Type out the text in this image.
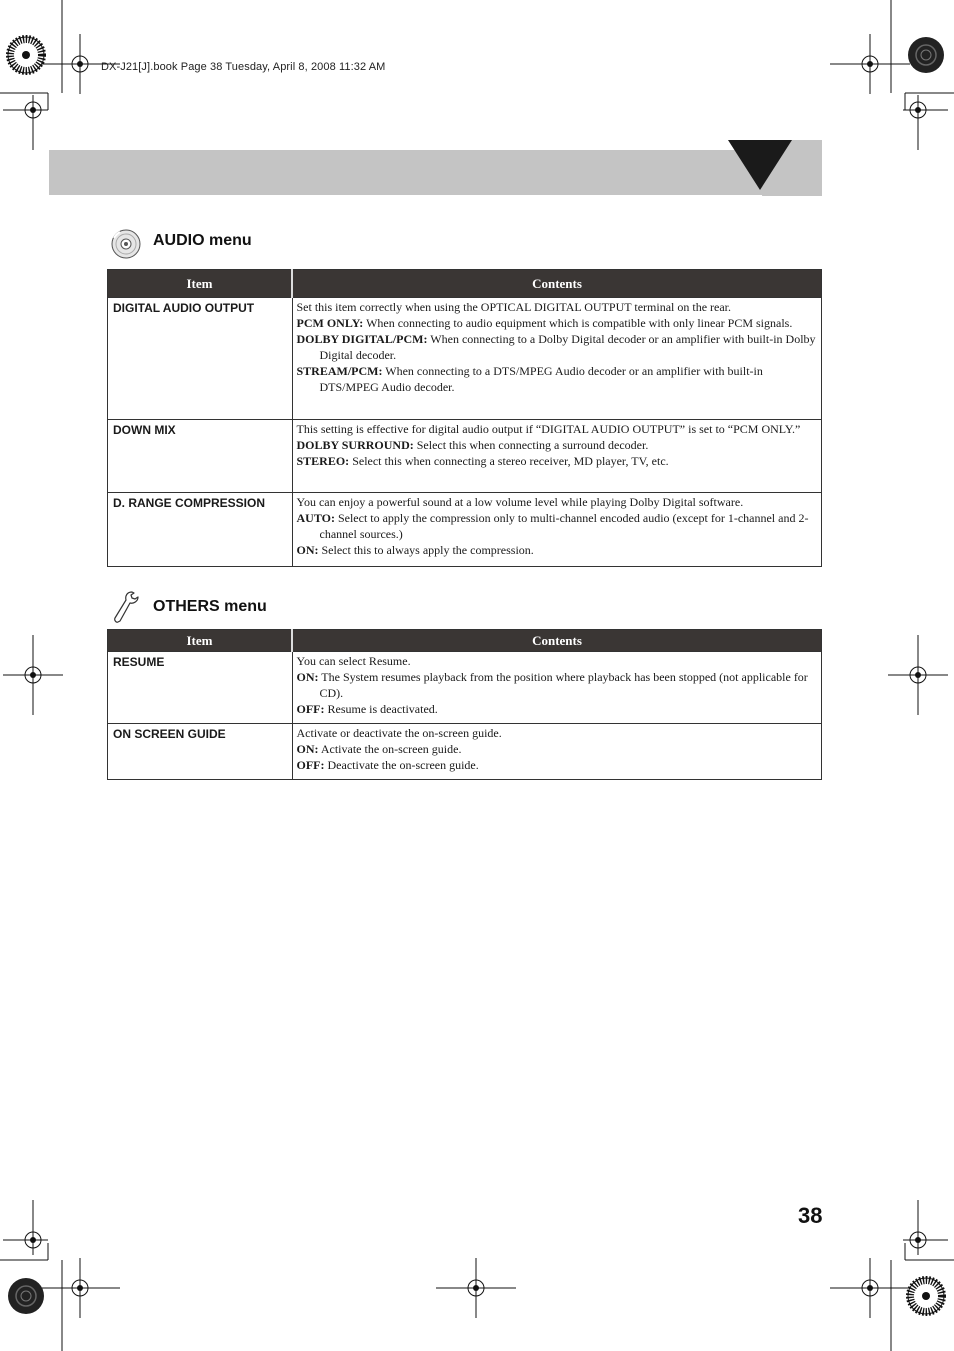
DX-J21[J].book Page 38 Tuesday, April 8, 2008 11:32 AM
AUDIO menu
Item	Contents
DIGITAL AUDIO OUTPUT	Set this item correctly when using the OPTICAL DIGITAL OUTPUT terminal on the rear.
PCM ONLY: When connecting to audio equipment which is compatible with only linear PCM signals.
DOLBY DIGITAL/PCM: When connecting to a Dolby Digital decoder or an amplifier with built-in Dolby Digital decoder.
STREAM/PCM: When connecting to a DTS/MPEG Audio decoder or an amplifier with built-in DTS/MPEG Audio decoder.

DOWN MIX	This setting is effective for digital audio output if “DIGITAL AUDIO OUTPUT” is set to “PCM ONLY.”
DOLBY SURROUND: Select this when connecting a surround decoder.
STEREO: Select this when connecting a stereo receiver, MD player, TV, etc.

D. RANGE COMPRESSION	You can enjoy a powerful sound at a low volume level while playing Dolby Digital software.
AUTO: Select to apply the compression only to multi-channel encoded audio (except for 1-channel and 2-channel sources.)
ON: Select this to always apply the compression.
OTHERS menu
Item	Contents
RESUME	You can select Resume.
ON: The System resumes playback from the position where playback has been stopped (not applicable for CD).
OFF: Resume is deactivated.

ON SCREEN GUIDE	Activate or deactivate the on-screen guide.
ON: Activate the on-screen guide.
OFF: Deactivate the on-screen guide.
38
